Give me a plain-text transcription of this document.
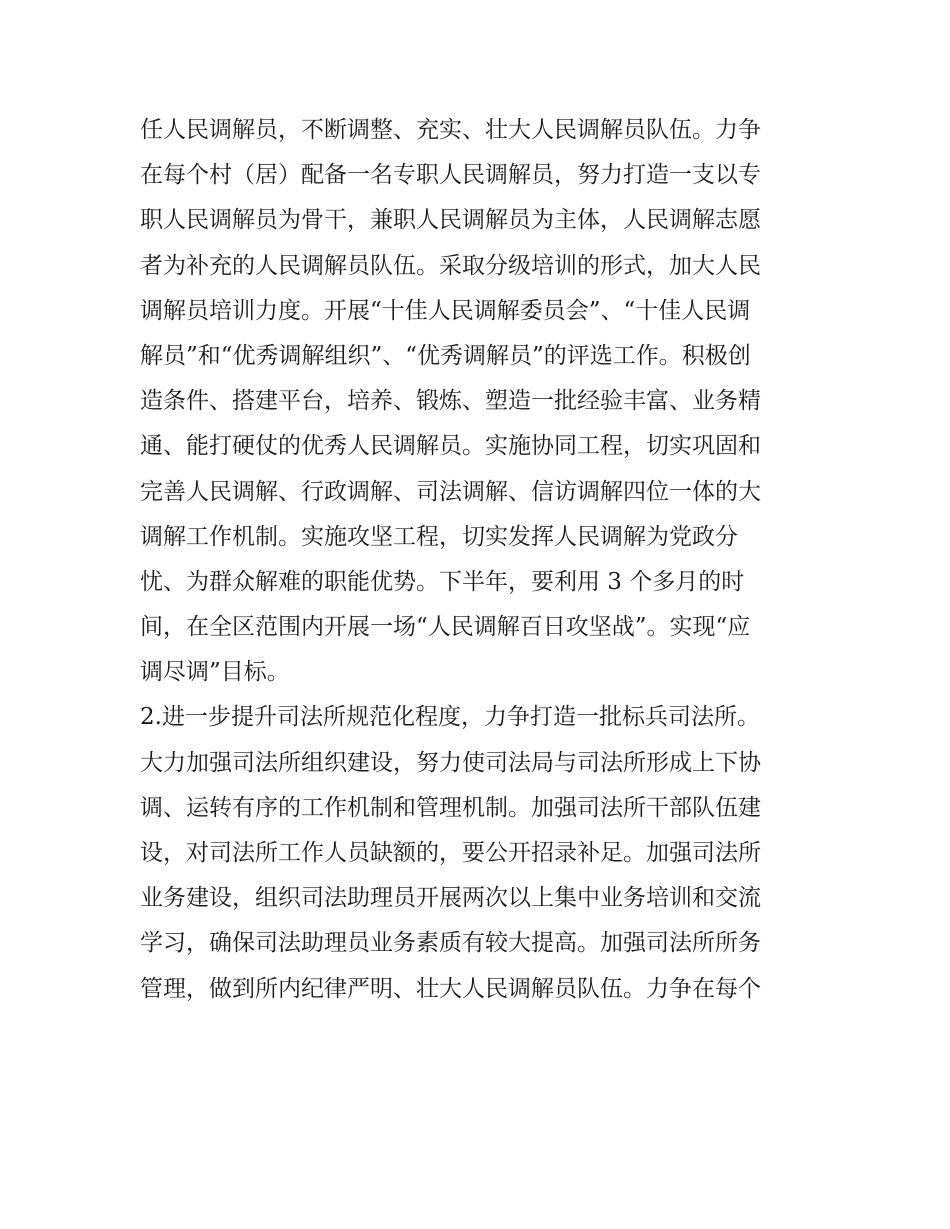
任人民调解员，不断调整、充实、壮大人民调解员队伍。力争
在每个村（居）配备一名专职人民调解员，努力打造一支以专
职人民调解员为骨干，兼职人民调解员为主体，人民调解志愿
者为补充的人民调解员队伍。采取分级培训的形式，加大人民
调解员培训力度。开展“十佳人民调解委员会”、“十佳人民调
解员”和“优秀调解组织”、“优秀调解员”的评选工作。积极创
造条件、搭建平台，培养、锻炼、塑造一批经验丰富、业务精
通、能打硬仗的优秀人民调解员。实施协同工程，切实巩固和
完善人民调解、行政调解、司法调解、信访调解四位一体的大
调解工作机制。实施攻坚工程，切实发挥人民调解为党政分
忧、为群众解难的职能优势。下半年，要利用 3 个多月的时
间，在全区范围内开展一场“人民调解百日攻坚战”。实现“应
调尽调”目标。
2.进一步提升司法所规范化程度，力争打造一批标兵司法所。
大力加强司法所组织建设，努力使司法局与司法所形成上下协
调、运转有序的工作机制和管理机制。加强司法所干部队伍建
设，对司法所工作人员缺额的，要公开招录补足。加强司法所
业务建设，组织司法助理员开展两次以上集中业务培训和交流
学习，确保司法助理员业务素质有较大提高。加强司法所所务
管理，做到所内纪律严明、壮大人民调解员队伍。力争在每个
